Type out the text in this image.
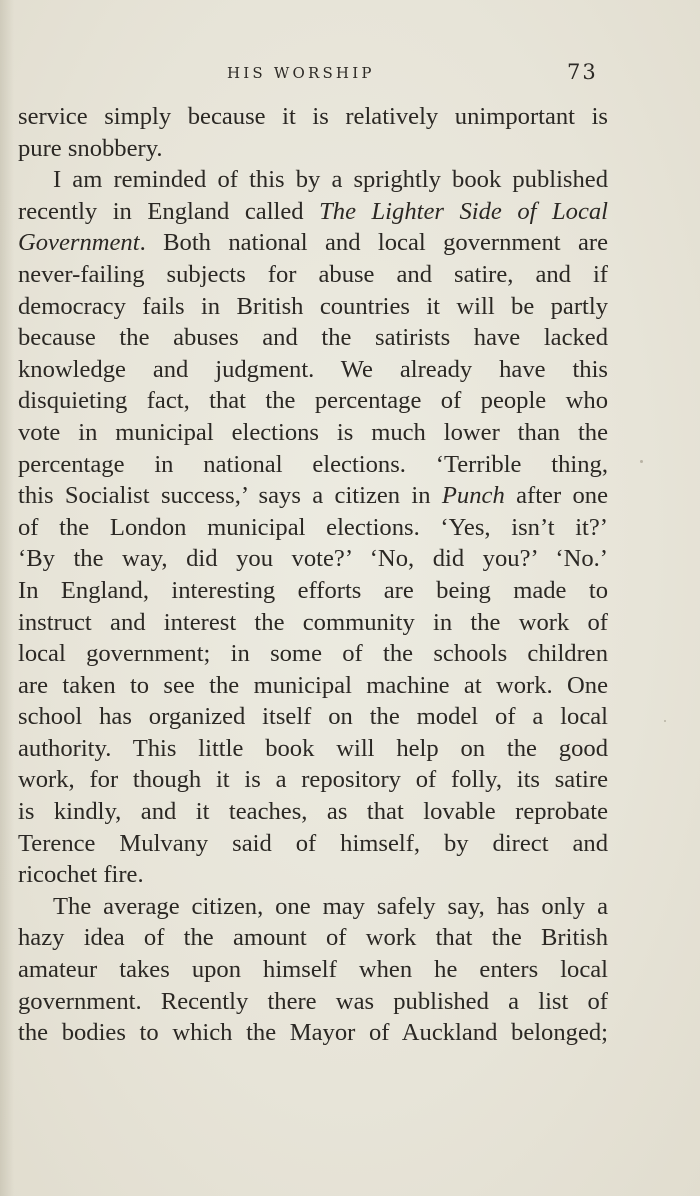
HIS WORSHIP	73
service simply because it is relatively unimportant is
pure snobbery.
I am reminded of this by a sprightly book published
recently in England called The Lighter Side of Local
Government. Both national and local government are
never-failing subjects for abuse and satire, and if
democracy fails in British countries it will be partly
because the abuses and the satirists have lacked
knowledge and judgment. We already have this
disquieting fact, that the percentage of people who
vote in municipal elections is much lower than the
percentage in national elections. ‘Terrible thing,
this Socialist success,’ says a citizen in Punch after one
of the London municipal elections. ‘Yes, isn’t it?’
‘By the way, did you vote?’ ‘No, did you?’ ‘No.’
In England, interesting efforts are being made to
instruct and interest the community in the work of
local government; in some of the schools children
are taken to see the municipal machine at work. One
school has organized itself on the model of a local
authority. This little book will help on the good
work, for though it is a repository of folly, its satire
is kindly, and it teaches, as that lovable reprobate
Terence Mulvany said of himself, by direct and
ricochet fire.
The average citizen, one may safely say, has only a
hazy idea of the amount of work that the British
amateur takes upon himself when he enters local
government. Recently there was published a list of
the bodies to which the Mayor of Auckland belonged;
